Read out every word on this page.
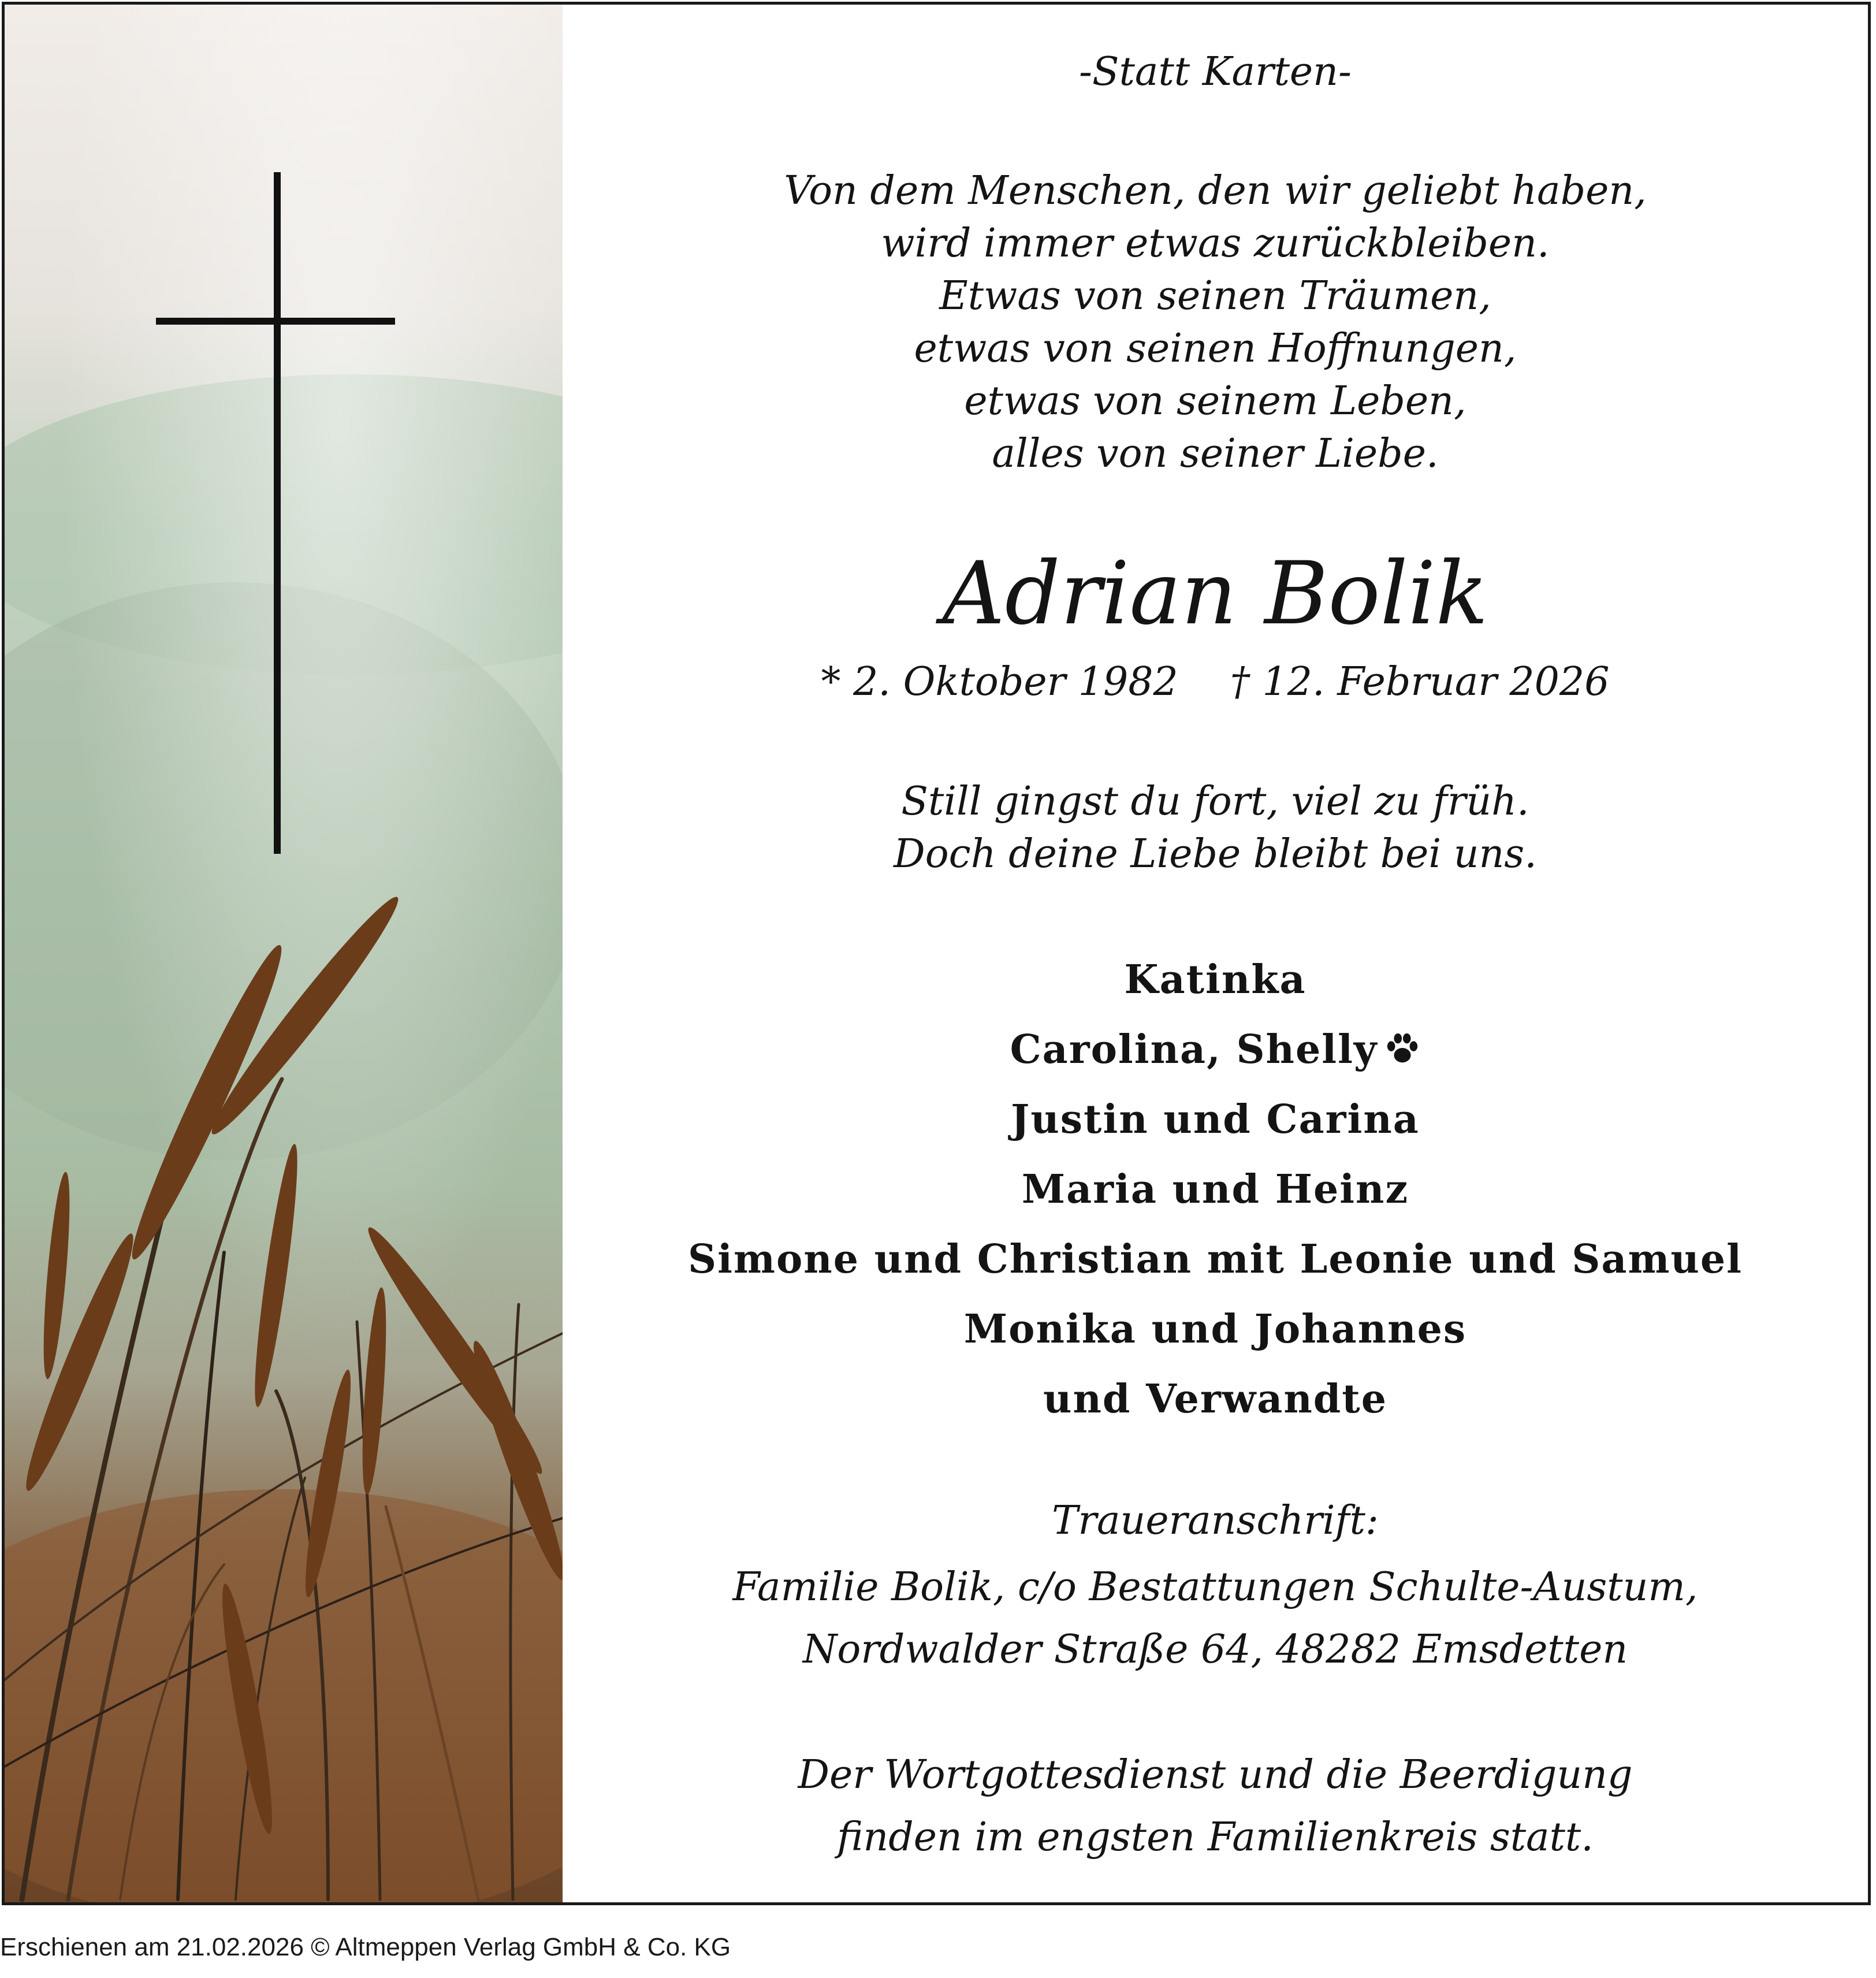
-Statt Karten-
Von dem Menschen, den wir geliebt haben,
wird immer etwas zurückbleiben.
Etwas von seinen Träumen,
etwas von seinen Hoffnungen,
etwas von seinem Leben,
alles von seiner Liebe.
Adrian Bolik
* 2. Oktober 1982 † 12. Februar 2026
Still gingst du fort, viel zu früh.
Doch deine Liebe bleibt bei uns.
Katinka
Carolina, Shelly
Justin und Carina
Maria und Heinz
Simone und Christian mit Leonie und Samuel
Monika und Johannes
und Verwandte
Traueranschrift:
Familie Bolik, c/o Bestattungen Schulte-Austum,
Nordwalder Straße 64, 48282 Emsdetten
Der Wortgottesdienst und die Beerdigung
finden im engsten Familienkreis statt.
Erschienen am 21.02.2026 © Altmeppen Verlag GmbH & Co. KG
